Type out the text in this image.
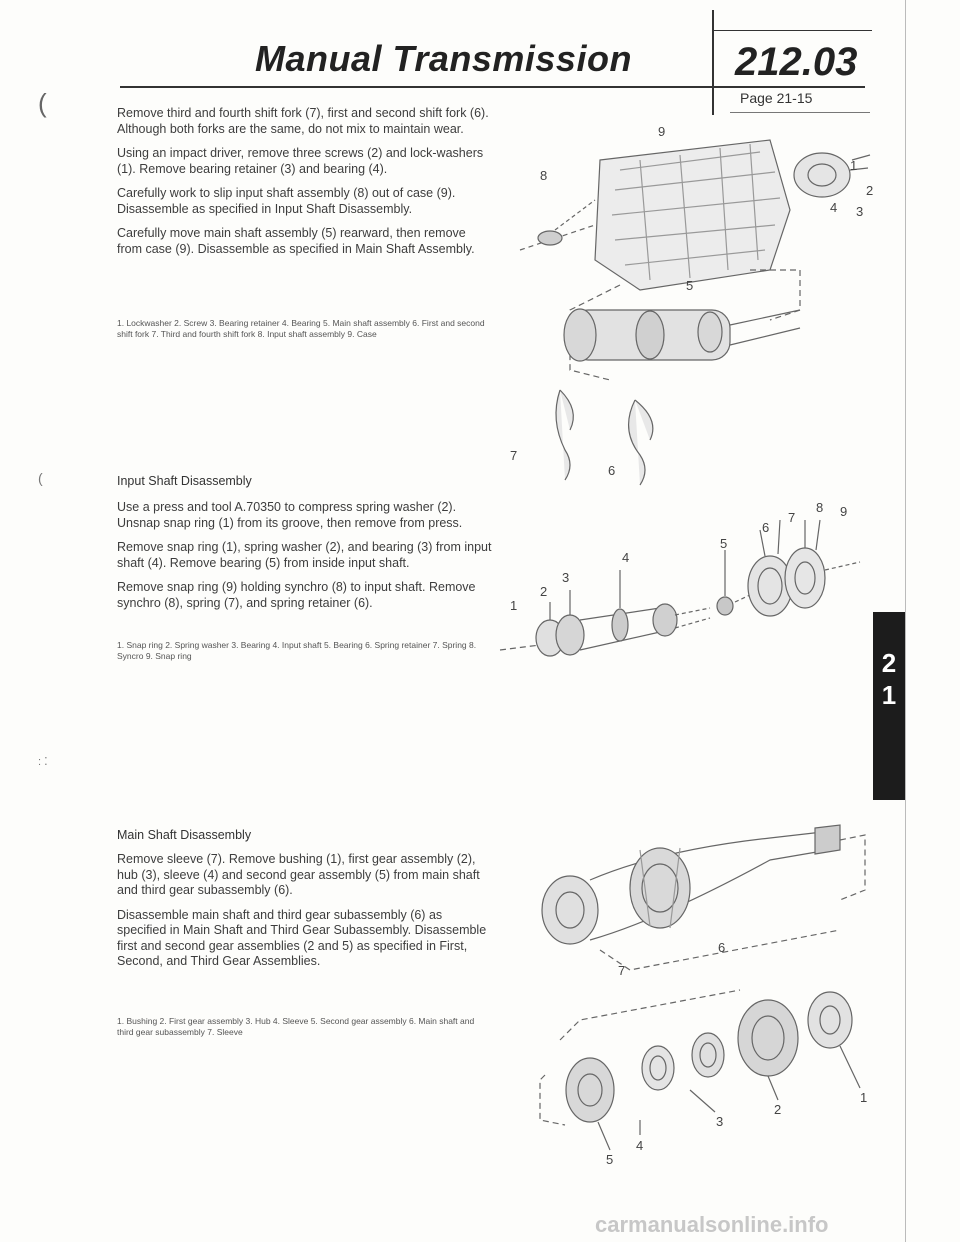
Manual Transmission	212.03
Page 21-15
(	Remove third and fourth shift fork (7), first and second shift fork (6). Although both forks are the same, do not mix to maintain wear.

Using an impact driver, remove three screws (2) and lock-washers (1). Remove bearing retainer (3) and bearing (4).

Carefully work to slip input shaft assembly (8) out of case (9). Disassemble as specified in Input Shaft Disassembly.

Carefully move main shaft assembly (5) rearward, then remove from case (9). Disassemble as specified in Main Shaft Assembly.

1. Lockwasher 2. Screw 3. Bearing retainer 4. Bearing 5. Main shaft assembly 6. First and second shift fork 7. Third and fourth shift fork 8. Input shaft assembly 9. Case
9
8
1
2
4 3
5
7
6
(	Input Shaft Disassembly

Use a press and tool A.70350 to compress spring washer (2). Unsnap snap ring (1) from its groove, then remove from press.

Remove snap ring (1), spring washer (2), and bearing (3) from input shaft (4). Remove bearing (5) from inside input shaft.

Remove snap ring (9) holding synchro (8) to input shaft. Remove synchro (8), spring (7), and spring retainer (6).

1. Snap ring 2. Spring washer 3. Bearing 4. Input shaft 5. Bearing 6. Spring retainer 7. Spring 8. Syncro 9. Snap ring
8 9
6
7
5
4
3
2
1
: ⁚
Main Shaft Disassembly

Remove sleeve (7). Remove bushing (1), first gear assembly (2), hub (3), sleeve (4) and second gear assembly (5) from main shaft and third gear subassembly (6).

Disassemble main shaft and third gear subassembly (6) as specified in Main Shaft and Third Gear Subassembly. Disassemble first and second gear assemblies (2 and 5) as specified in First, Second, and Third Gear Assemblies.

1. Bushing 2. First gear assembly 3. Hub 4. Sleeve 5. Second gear assembly 6. Main shaft and third gear subassembly 7. Sleeve
6
7
1
2
3
4
5
2
1
carmanualsonline.info
